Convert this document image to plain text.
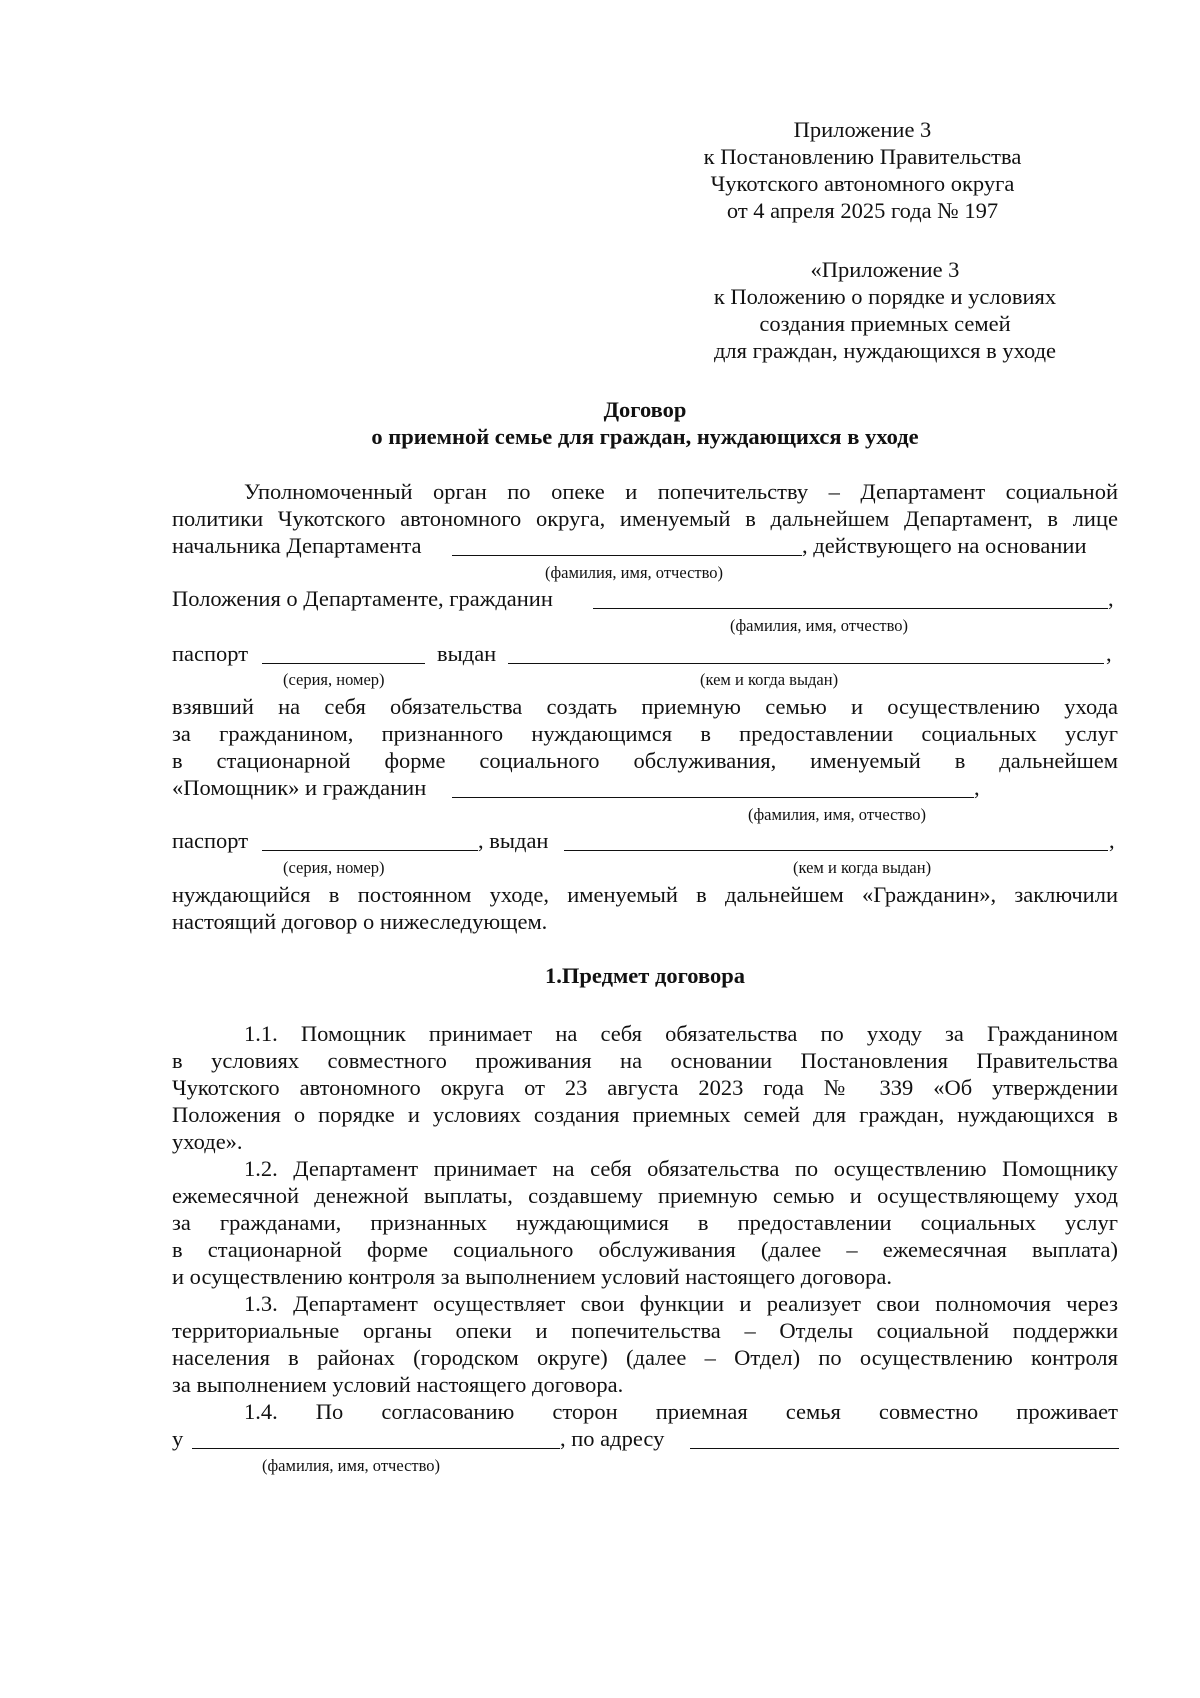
Приложение 3
к Постановлению Правительства
Чукотского автономного округа
от 4 апреля 2025 года № 197
«Приложение 3
к Положению о порядке и условиях
создания приемных семей
для граждан, нуждающихся в уходе
Договор
о приемной семье для граждан, нуждающихся в уходе
Уполномоченный орган по опеке и попечительству – Департамент социальной
политики Чукотского автономного округа, именуемый в дальнейшем Департамент, в лице
начальника Департамента	, действующего на основании
(фамилия, имя, отчество)
Положения о Департаменте, гражданин	,
(фамилия, имя, отчество)
паспорт	выдан	,
(серия, номер)	(кем и когда выдан)
взявший на себя обязательства создать приемную семью и осуществлению ухода
за гражданином, признанного нуждающимся в предоставлении социальных услуг
в стационарной форме социального обслуживания, именуемый в дальнейшем
«Помощник» и гражданин	,
(фамилия, имя, отчество)
паспорт	, выдан	,
(серия, номер)	(кем и когда выдан)
нуждающийся в постоянном уходе, именуемый в дальнейшем «Гражданин», заключили
настоящий договор о нижеследующем.
1.Предмет договора
1.1. Помощник принимает на себя обязательства по уходу за Гражданином
в условиях совместного проживания на основании Постановления Правительства
Чукотского автономного округа от 23 августа 2023 года № 339 «Об утверждении
Положения о порядке и условиях создания приемных семей для граждан, нуждающихся в
уходе».
1.2. Департамент принимает на себя обязательства по осуществлению Помощнику
ежемесячной денежной выплаты, создавшему приемную семью и осуществляющему уход
за гражданами, признанных нуждающимися в предоставлении социальных услуг
в стационарной форме социального обслуживания (далее – ежемесячная выплата)
и осуществлению контроля за выполнением условий настоящего договора.
1.3. Департамент осуществляет свои функции и реализует свои полномочия через
территориальные органы опеки и попечительства – Отделы социальной поддержки
населения в районах (городском округе) (далее – Отдел) по осуществлению контроля
за выполнением условий настоящего договора.
1.4. По согласованию сторон приемная семья совместно проживает
у	, по адресу
(фамилия, имя, отчество)
